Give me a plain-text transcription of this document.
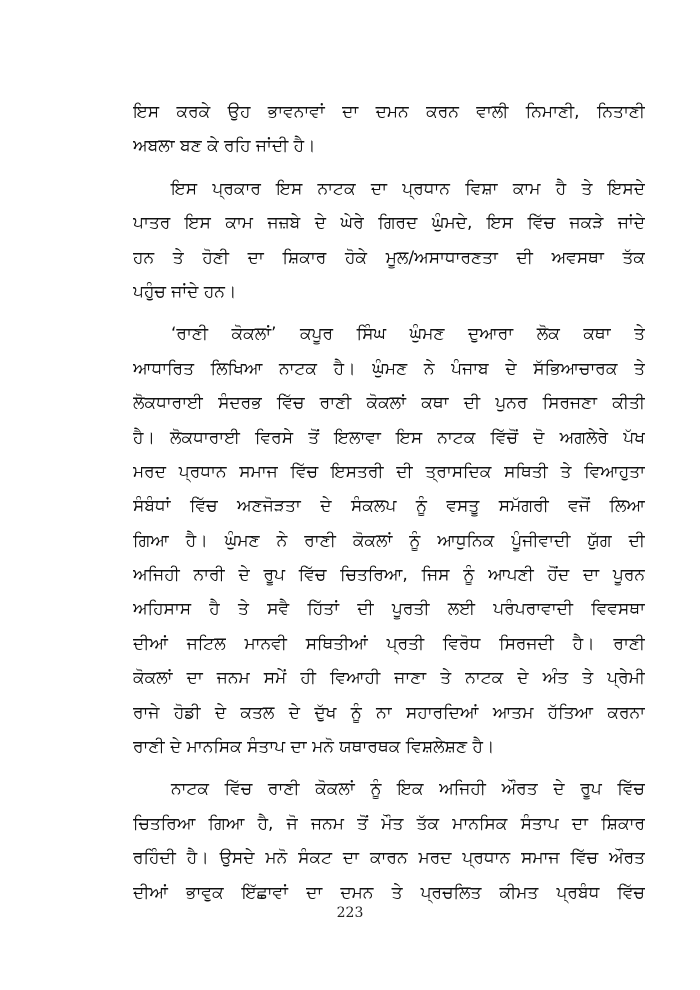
ਇਸ ਕਰਕੇ ਉਹ ਭਾਵਨਾਵਾਂ ਦਾ ਦਮਨ ਕਰਨ ਵਾਲੀ ਨਿਮਾਣੀ, ਨਿਤਾਣੀ
ਅਬਲਾ ਬਣ ਕੇ ਰਹਿ ਜਾਂਦੀ ਹੈ।
ਇਸ ਪ੍ਰਕਾਰ ਇਸ ਨਾਟਕ ਦਾ ਪ੍ਰਧਾਨ ਵਿਸ਼ਾ ਕਾਮ ਹੈ ਤੇ ਇਸਦੇ
ਪਾਤਰ ਇਸ ਕਾਮ ਜਜ਼ਬੇ ਦੇ ਘੇਰੇ ਗਿਰਦ ਘੁੰਮਦੇ, ਇਸ ਵਿੱਚ ਜਕੜੇ ਜਾਂਦੇ
ਹਨ ਤੇ ਹੋਣੀ ਦਾ ਸ਼ਿਕਾਰ ਹੋਕੇ ਮੂਲ/ਅਸਾਧਾਰਣਤਾ ਦੀ ਅਵਸਥਾ ਤੱਕ
ਪਹੁੰਚ ਜਾਂਦੇ ਹਨ।
‘ਰਾਣੀ ਕੋਕਲਾਂ’ ਕਪੂਰ ਸਿੰਘ ਘੁੰਮਣ ਦੁਆਰਾ ਲੋਕ ਕਥਾ ਤੇ
ਆਧਾਰਿਤ ਲਿਖਿਆ ਨਾਟਕ ਹੈ। ਘੁੰਮਣ ਨੇ ਪੰਜਾਬ ਦੇ ਸੱਭਿਆਚਾਰਕ ਤੇ
ਲੋਕਧਾਰਾਈ ਸੰਦਰਭ ਵਿੱਚ ਰਾਣੀ ਕੋਕਲਾਂ ਕਥਾ ਦੀ ਪੁਨਰ ਸਿਰਜਣਾ ਕੀਤੀ
ਹੈ। ਲੋਕਧਾਰਾਈ ਵਿਰਸੇ ਤੋਂ ਇਲਾਵਾ ਇਸ ਨਾਟਕ ਵਿੱਚੋਂ ਦੋ ਅਗਲੇਰੇ ਪੱਖ
ਮਰਦ ਪ੍ਰਧਾਨ ਸਮਾਜ ਵਿੱਚ ਇਸਤਰੀ ਦੀ ਤ੍ਰਾਸਦਿਕ ਸਥਿਤੀ ਤੇ ਵਿਆਹੁਤਾ
ਸੰਬੰਧਾਂ ਵਿੱਚ ਅਣਜੋੜਤਾ ਦੇ ਸੰਕਲਪ ਨੂੰ ਵਸਤੂ ਸਮੱਗਰੀ ਵਜੋਂ ਲਿਆ
ਗਿਆ ਹੈ। ਘੁੰਮਣ ਨੇ ਰਾਣੀ ਕੋਕਲਾਂ ਨੂੰ ਆਧੁਨਿਕ ਪੂੰਜੀਵਾਦੀ ਯੁੱਗ ਦੀ
ਅਜਿਹੀ ਨਾਰੀ ਦੇ ਰੂਪ ਵਿੱਚ ਚਿਤਰਿਆ, ਜਿਸ ਨੂੰ ਆਪਣੀ ਹੋਂਦ ਦਾ ਪੂਰਨ
ਅਹਿਸਾਸ ਹੈ ਤੇ ਸਵੈ ਹਿੱਤਾਂ ਦੀ ਪੂਰਤੀ ਲਈ ਪਰੰਪਰਾਵਾਦੀ ਵਿਵਸਥਾ
ਦੀਆਂ ਜਟਿਲ ਮਾਨਵੀ ਸਥਿਤੀਆਂ ਪ੍ਰਤੀ ਵਿਰੋਧ ਸਿਰਜਦੀ ਹੈ। ਰਾਣੀ
ਕੋਕਲਾਂ ਦਾ ਜਨਮ ਸਮੇਂ ਹੀ ਵਿਆਹੀ ਜਾਣਾ ਤੇ ਨਾਟਕ ਦੇ ਅੰਤ ਤੇ ਪ੍ਰੇਮੀ
ਰਾਜੇ ਹੋਡੀ ਦੇ ਕਤਲ ਦੇ ਦੁੱਖ ਨੂੰ ਨਾ ਸਹਾਰਦਿਆਂ ਆਤਮ ਹੱਤਿਆ ਕਰਨਾ
ਰਾਣੀ ਦੇ ਮਾਨਸਿਕ ਸੰਤਾਪ ਦਾ ਮਨੋ ਯਥਾਰਥਕ ਵਿਸ਼ਲੇਸ਼ਣ ਹੈ।
ਨਾਟਕ ਵਿੱਚ ਰਾਣੀ ਕੋਕਲਾਂ ਨੂੰ ਇਕ ਅਜਿਹੀ ਔਰਤ ਦੇ ਰੂਪ ਵਿੱਚ
ਚਿਤਰਿਆ ਗਿਆ ਹੈ, ਜੋ ਜਨਮ ਤੋਂ ਮੌਤ ਤੱਕ ਮਾਨਸਿਕ ਸੰਤਾਪ ਦਾ ਸ਼ਿਕਾਰ
ਰਹਿੰਦੀ ਹੈ। ਉਸਦੇ ਮਨੋ ਸੰਕਟ ਦਾ ਕਾਰਨ ਮਰਦ ਪ੍ਰਧਾਨ ਸਮਾਜ ਵਿੱਚ ਔਰਤ
ਦੀਆਂ ਭਾਵੁਕ ਇੱਛਾਵਾਂ ਦਾ ਦਮਨ ਤੇ ਪ੍ਰਚਲਿਤ ਕੀਮਤ ਪ੍ਰਬੰਧ ਵਿੱਚ
223
